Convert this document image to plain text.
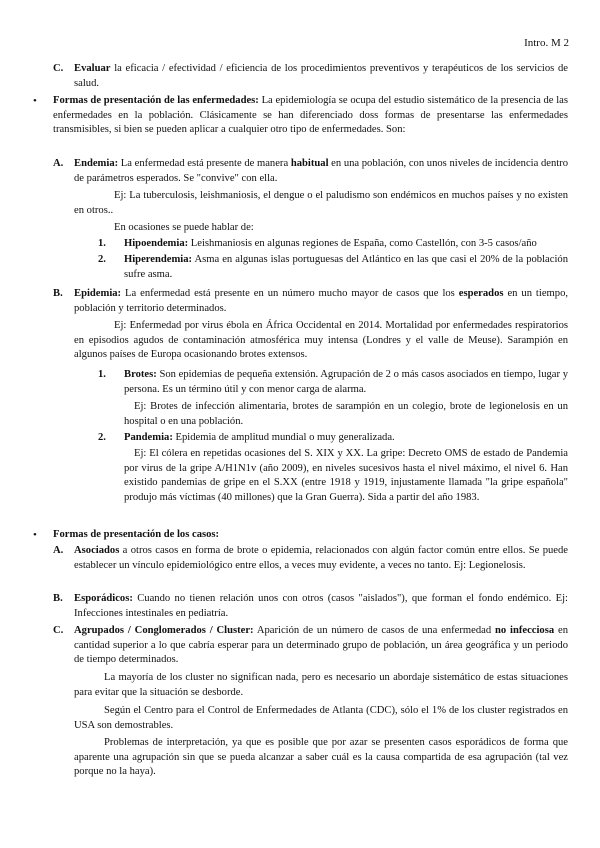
Intro. M 2
C. Evaluar la eficacia / efectividad / eficiencia de los procedimientos preventivos y terapéuticos de los servicios de salud.
• Formas de presentación de las enfermedades: La epidemiología se ocupa del estudio sistemático de la presencia de las enfermedades en la población. Clásicamente se han diferenciado doss formas de presentarse las enfermedades transmisibles, si bien se pueden aplicar a cualquier otro tipo de enfermedades. Son:
A. Endemia: La enfermedad está presente de manera habitual en una población, con unos niveles de incidencia dentro de parámetros esperados. Se "convive" con ella.
Ej: La tuberculosis, leishmaniosis, el dengue o el paludismo son endémicos en muchos países y no existen en otros..
En ocasiones se puede hablar de:
1. Hipoendemia: Leishmaniosis en algunas regiones de España, como Castellón, con 3-5 casos/año
2. Hiperendemia: Asma en algunas islas portuguesas del Atlántico en las que casi el 20% de la población sufre asma.
B. Epidemia: La enfermedad está presente en un número mucho mayor de casos que los esperados en un tiempo, población y territorio determinados.
Ej: Enfermedad por virus ébola en África Occidental en 2014. Mortalidad por enfermedades respiratorios en episodios agudos de contaminación atmosférica muy intensa (Londres y el valle de Meuse). Sarampión en algunos países de Europa ocasionando brotes extensos.
1. Brotes: Son epidemias de pequeña extensión. Agrupación de 2 o más casos asociados en tiempo, lugar y persona. Es un término útil y con menor carga de alarma.
Ej: Brotes de infección alimentaria, brotes de sarampión en un colegio, brote de legionelosis en un hospital o en una población.
2. Pandemia: Epidemia de amplitud mundial o muy generalizada.
Ej: El cólera en repetidas ocasiones del S. XIX y XX. La gripe: Decreto OMS de estado de Pandemia por virus de la gripe A/H1N1v (año 2009), en niveles sucesivos hasta el nivel máximo, el nivel 6. Han existido pandemias de gripe en el S.XX (entre 1918 y 1919, injustamente llamada "la gripe española" produjo más víctimas (40 millones) que la Gran Guerra). Sida a partir del año 1983.
• Formas de presentación de los casos:
A. Asociados a otros casos en forma de brote o epidemia, relacionados con algún factor común entre ellos. Se puede establecer un vínculo epidemiológico entre ellos, a veces muy evidente, a veces no tanto. Ej: Legionelosis.
B. Esporádicos: Cuando no tienen relación unos con otros (casos "aislados"), que forman el fondo endémico. Ej: Infecciones intestinales en pediatría.
C. Agrupados / Conglomerados / Cluster: Aparición de un número de casos de una enfermedad no infecciosa en cantidad superior a lo que cabría esperar para un determinado grupo de población, un área geográfica y un periodo de tiempo determinados.
La mayoría de los cluster no significan nada, pero es necesario un abordaje sistemático de estas situaciones para evitar que la situación se desborde.
Según el Centro para el Control de Enfermedades de Atlanta (CDC), sólo el 1% de los cluster registrados en USA son demostrables.
Problemas de interpretación, ya que es posible que por azar se presenten casos esporádicos de forma que aparente una agrupación sin que se pueda alcanzar a saber cuál es la causa compartida de esa agrupación (tal vez porque no la haya).
